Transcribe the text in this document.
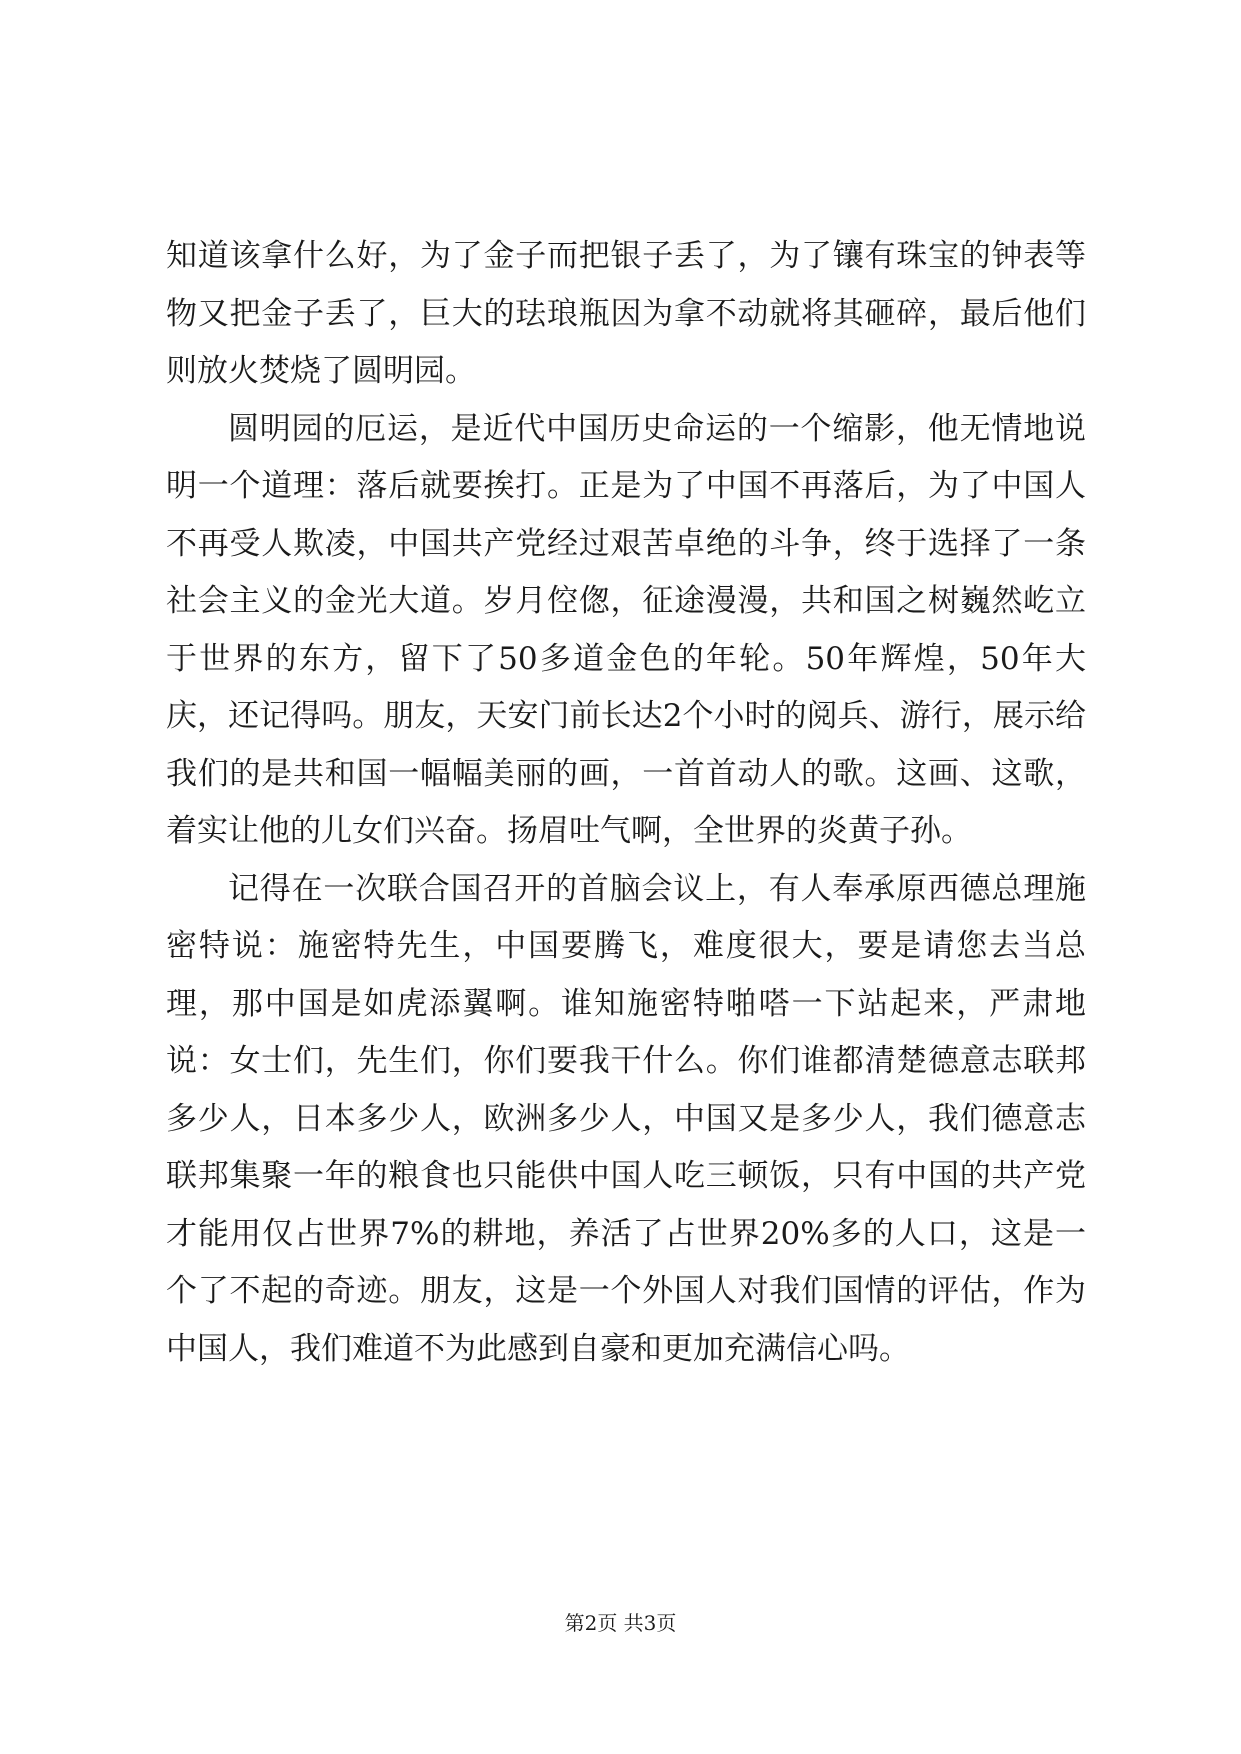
知道该拿什么好，为了金子而把银子丢了，为了镶有珠宝的钟表等物又把金子丢了，巨大的珐琅瓶因为拿不动就将其砸碎，最后他们则放火焚烧了圆明园。

圆明园的厄运，是近代中国历史命运的一个缩影，他无情地说明一个道理：落后就要挨打。正是为了中国不再落后，为了中国人不再受人欺凌，中国共产党经过艰苦卓绝的斗争，终于选择了一条社会主义的金光大道。岁月倥偬，征途漫漫，共和国之树巍然屹立于世界的东方，留下了50多道金色的年轮。50年辉煌，50年大庆，还记得吗。朋友，天安门前长达2个小时的阅兵、游行，展示给我们的是共和国一幅幅美丽的画，一首首动人的歌。这画、这歌，着实让他的儿女们兴奋。扬眉吐气啊，全世界的炎黄子孙。

记得在一次联合国召开的首脑会议上，有人奉承原西德总理施密特说：施密特先生，中国要腾飞，难度很大，要是请您去当总理，那中国是如虎添翼啊。谁知施密特啪嗒一下站起来，严肃地说：女士们，先生们，你们要我干什么。你们谁都清楚德意志联邦多少人，日本多少人，欧洲多少人，中国又是多少人，我们德意志联邦集聚一年的粮食也只能供中国人吃三顿饭，只有中国的共产党才能用仅占世界7%的耕地，养活了占世界20%多的人口，这是一个了不起的奇迹。朋友，这是一个外国人对我们国情的评估，作为中国人，我们难道不为此感到自豪和更加充满信心吗。

第2页 共3页
